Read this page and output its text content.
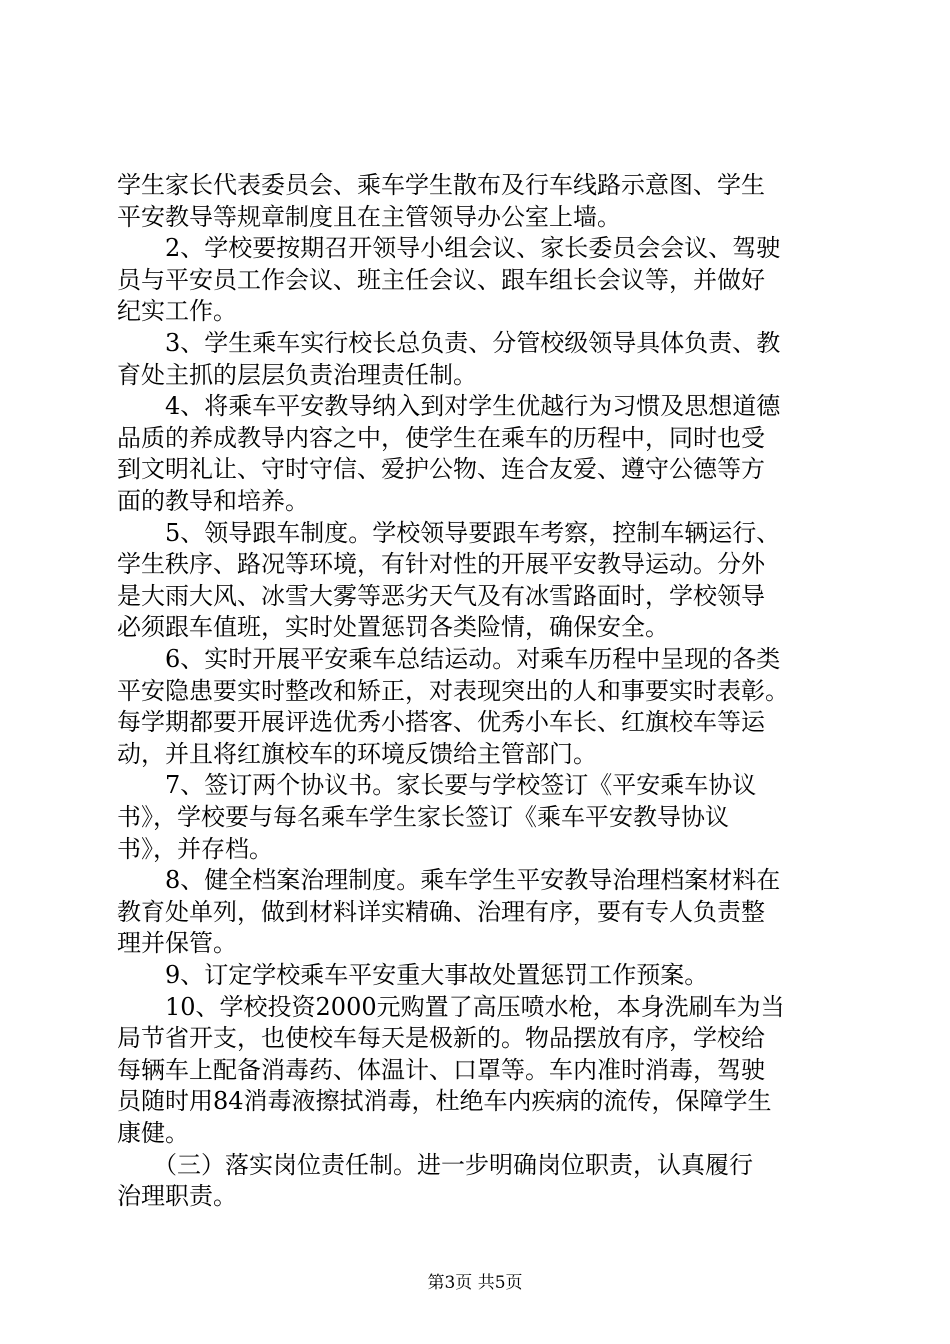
学生家长代表委员会、乘车学生散布及行车线路示意图、学生
平安教导等规章制度且在主管领导办公室上墙。
　　2、学校要按期召开领导小组会议、家长委员会会议、驾驶
员与平安员工作会议、班主任会议、跟车组长会议等，并做好
纪实工作。
　　3、学生乘车实行校长总负责、分管校级领导具体负责、教
育处主抓的层层负责治理责任制。
　　4、将乘车平安教导纳入到对学生优越行为习惯及思想道德
品质的养成教导内容之中，使学生在乘车的历程中，同时也受
到文明礼让、守时守信、爱护公物、连合友爱、遵守公德等方
面的教导和培养。
　　5、领导跟车制度。学校领导要跟车考察，控制车辆运行、
学生秩序、路况等环境，有针对性的开展平安教导运动。分外
是大雨大风、冰雪大雾等恶劣天气及有冰雪路面时，学校领导
必须跟车值班，实时处置惩罚各类险情，确保安全。
　　6、实时开展平安乘车总结运动。对乘车历程中呈现的各类
平安隐患要实时整改和矫正，对表现突出的人和事要实时表彰。
每学期都要开展评选优秀小搭客、优秀小车长、红旗校车等运
动，并且将红旗校车的环境反馈给主管部门。
　　7、签订两个协议书。家长要与学校签订《平安乘车协议
书》，学校要与每名乘车学生家长签订《乘车平安教导协议
书》，并存档。
　　8、健全档案治理制度。乘车学生平安教导治理档案材料在
教育处单列，做到材料详实精确、治理有序，要有专人负责整
理并保管。
　　9、订定学校乘车平安重大事故处置惩罚工作预案。
　　10、学校投资2000元购置了高压喷水枪，本身洗刷车为当
局节省开支，也使校车每天是极新的。物品摆放有序，学校给
每辆车上配备消毒药、体温计、口罩等。车内准时消毒，驾驶
员随时用84消毒液擦拭消毒，杜绝车内疾病的流传，保障学生
康健。
　　（三）落实岗位责任制。进一步明确岗位职责，认真履行
治理职责。
第3页 共5页
